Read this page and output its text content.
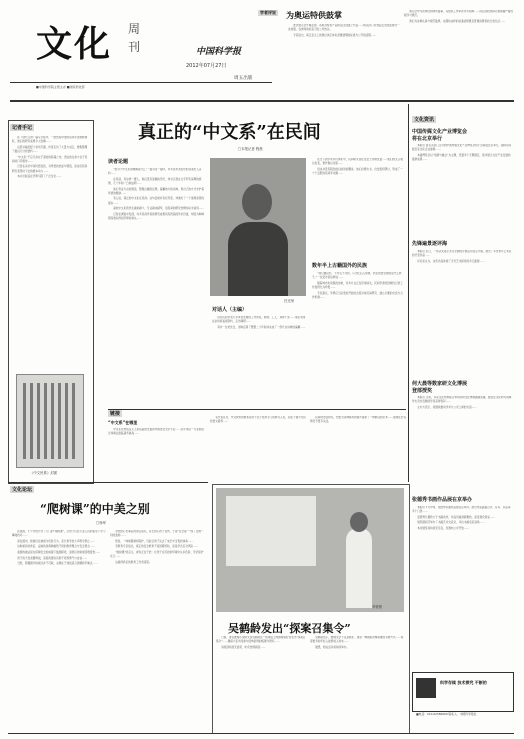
文化 周
刊	中国科学报
2012年07月27日
周五出版
■中国科学院主管主办 ■国家科技部
学者评说 为奥运特供鼓掌

　　此次奥运会开幕在即，各地对特供产品的关注也随之升温……相关部门对食品安全的监管进一步加强，各类特供标签引发公众热议。

　　专家指出，真正意义上的奥运供应体系需要透明的标准与公开的流程……

　　奥运会作为世界性的体育盛事，其组织工作牵涉众多领域……供应商的选择必须遵循严格的程序与规范。

　　我们为这种认真与规范鼓掌，也期待这样的标准能够惠及普通消费者的日常生活……

记者手记

　　在《现代汉语》编写过程中，一批热爱母语的民间学者默默耕耘，他们的研究成果令人钦佩……

　　这部书稿历经十余年打磨，作者走访了大量方言区，搜集整理了数以万计的语料……

　　“中文系”不应只存在于高校的院墙之内，语言的生命力在于民间的口耳相传……

　　记者在采访中深切感受到，对母语的热爱与敬畏，是这些民间研究者坚持下去的根本动力……

　　本书出版后在学界引起了广泛讨论……

《中文民系》封面
真正的“中文系”在民间
□本报记者 程晨
读者论题

　　“您对于中文系的理解是什么？”面对这一提问，许多受访者给出的答案出人意料……

　　在民间，有这样一群人，他们没有显赫的学历，却对汉语言文字怀有深厚的感情，几十年如一日地钻研……

　　他们考证方言的源流，整理古籍的注释，编纂地方的词典，用自己的方式守护着母语的根脉……

　　有人说，真正的中文系在民间。这句话或许有些夸张，却道出了一个值得深思的现实……

　　高校中文系的学生越来越少，专业越来越窄，而民间的研究热情却从未消退……

　　记者在调查中发现，许多民间学者的研究成果具有很高的学术价值，却因为种种原因难以得到学界的承认……

任光荣
对话人（主编）

　　这些民间学者大多来自普通的工作岗位，教师、工人、退休干部……他们利用业余时间查阅资料，走访调研……

　　其中一位老先生，退休后用了整整二十年时间完成了一部方言词典的编纂……

　　在当下的学术评价体系中，民间研究者往往处于边缘位置……他们的文章难以发表，著作难以出版……

　　但这并没有阻挡他们前进的脚步。他们自费出书，自发组织研讨，形成了一个个活跃的民间学术圈……

数年半上古籍国外的民族

　　“我们做这些，不为名不为利，只为让后人知道，我们的语言曾经是什么样子。”一位受访者这样说……

　　随着城市化进程的加快，许多方言正在迅速消失，民间学者的抢救性记录工作显得尤为珍贵……

　　专家建议，学界应当以更加开放的态度对待民间研究，建立必要的交流与合作机制……

链接
“中文系”在哪里

　　中文系在传统意义上是指高校设置的中国语言文学专业……近年来这一专业的招生和就业面临诸多挑战……

　　有学者认为，中文教育的根本目的不在于培养专门的研究人员，而在于提升全民的语文素养……

　　民间的语言研究，恰恰为这种素养的提升提供了一种鲜活的范本……值得社会各界给予更多关注。

文化论坛
“爬树课”的中美之别
□杨军

　　在美国，不少学校开设了专门的“爬树课”，让孩子们在专业人员的指导下学习攀爬技巧……

　　而在国内，爬树往往被视为危险行为，家长和学校大多明令禁止……

　　这种差异的背后，反映的是两种截然不同的教育理念与安全观念……

　　美国的做法是在保障安全的前提下鼓励探索，而我们则常常因噎废食……

　　孩子的天性需要释放，适度的冒险有助于培养勇气与自信……

　　当然，照搬国外的模式并不可取，关键在于找到适合国情的平衡点……

　　学校担心出事后的责任追究，家长担心孩子受伤，于是“安全第一”成了压倒一切的准则……

　　然而，一味地限制和保护，可能让孩子失去了成长中宝贵的体验……

　　有教育专家指出，真正的安全教育不是回避风险，而是学会应对风险……

　　“爬树课”的意义，或许正在于此：让孩子在可控的环境中认识危险、学会保护自己……

　　这值得我们的教育工作者深思。

李铁锁
吴鹤龄发出“探案召集令”

　　日前，著名推理小说研究者吴鹤龄在一场讲座上向推理爱好者发出“探案召集令”……邀请大家共同参与经典案例的梳理与研究……

　　讲座现场座无虚席，听众热情高涨……

　　吴鹤龄表示，推理文学不仅是娱乐，更是一种锻炼逻辑思维的有效方式……希望更多的年轻人能够加入进来……

　　据悉，相关活动将持续举办。

文化资讯
中国传媒文化产业博览会
将在北京举行

　　本报讯 由有关部门主办的中国传媒文化产业博览会将于近期在北京举行，届时将有数百家文化企业参展……

　　本届博览会以“创新与融合”为主题，设置多个专题展区，集中展示文化产业发展的最新成果……

先锋遍景逐评海

　　本报讯 近日，一场以先锋艺术为主题的评展活动在京开幕，展出了多位青年艺术家的代表作品……

　　评论家认为，这些作品体现了当代艺术探索的多元面貌……

何大晨等数家研文化博展
登部授奖

　　本报讯 日前，多家文化机构联合举办的研文化博展圆满落幕，数位在文化研究领域作出突出贡献的学者获得表彰……

　　主办方表示，将继续推动学术与公众之间的交流……

张德秀书画作品展在京举办

　　本报讯 7月中旬，张德秀书画作品展在京举办，展出作品涵盖山水、花鸟、书法等多个门类……

　　张德秀长期致力于书画创作，作品风格清新雅致，深受观众喜爱……

　　展览期间还举办了书画艺术交流会，多位书画名家到场……

　　本次展览将持续至月底，免费向公众开放……

科学存续 技术探究 不断的
■电话：010-62580669 联系人：中国科学报社
